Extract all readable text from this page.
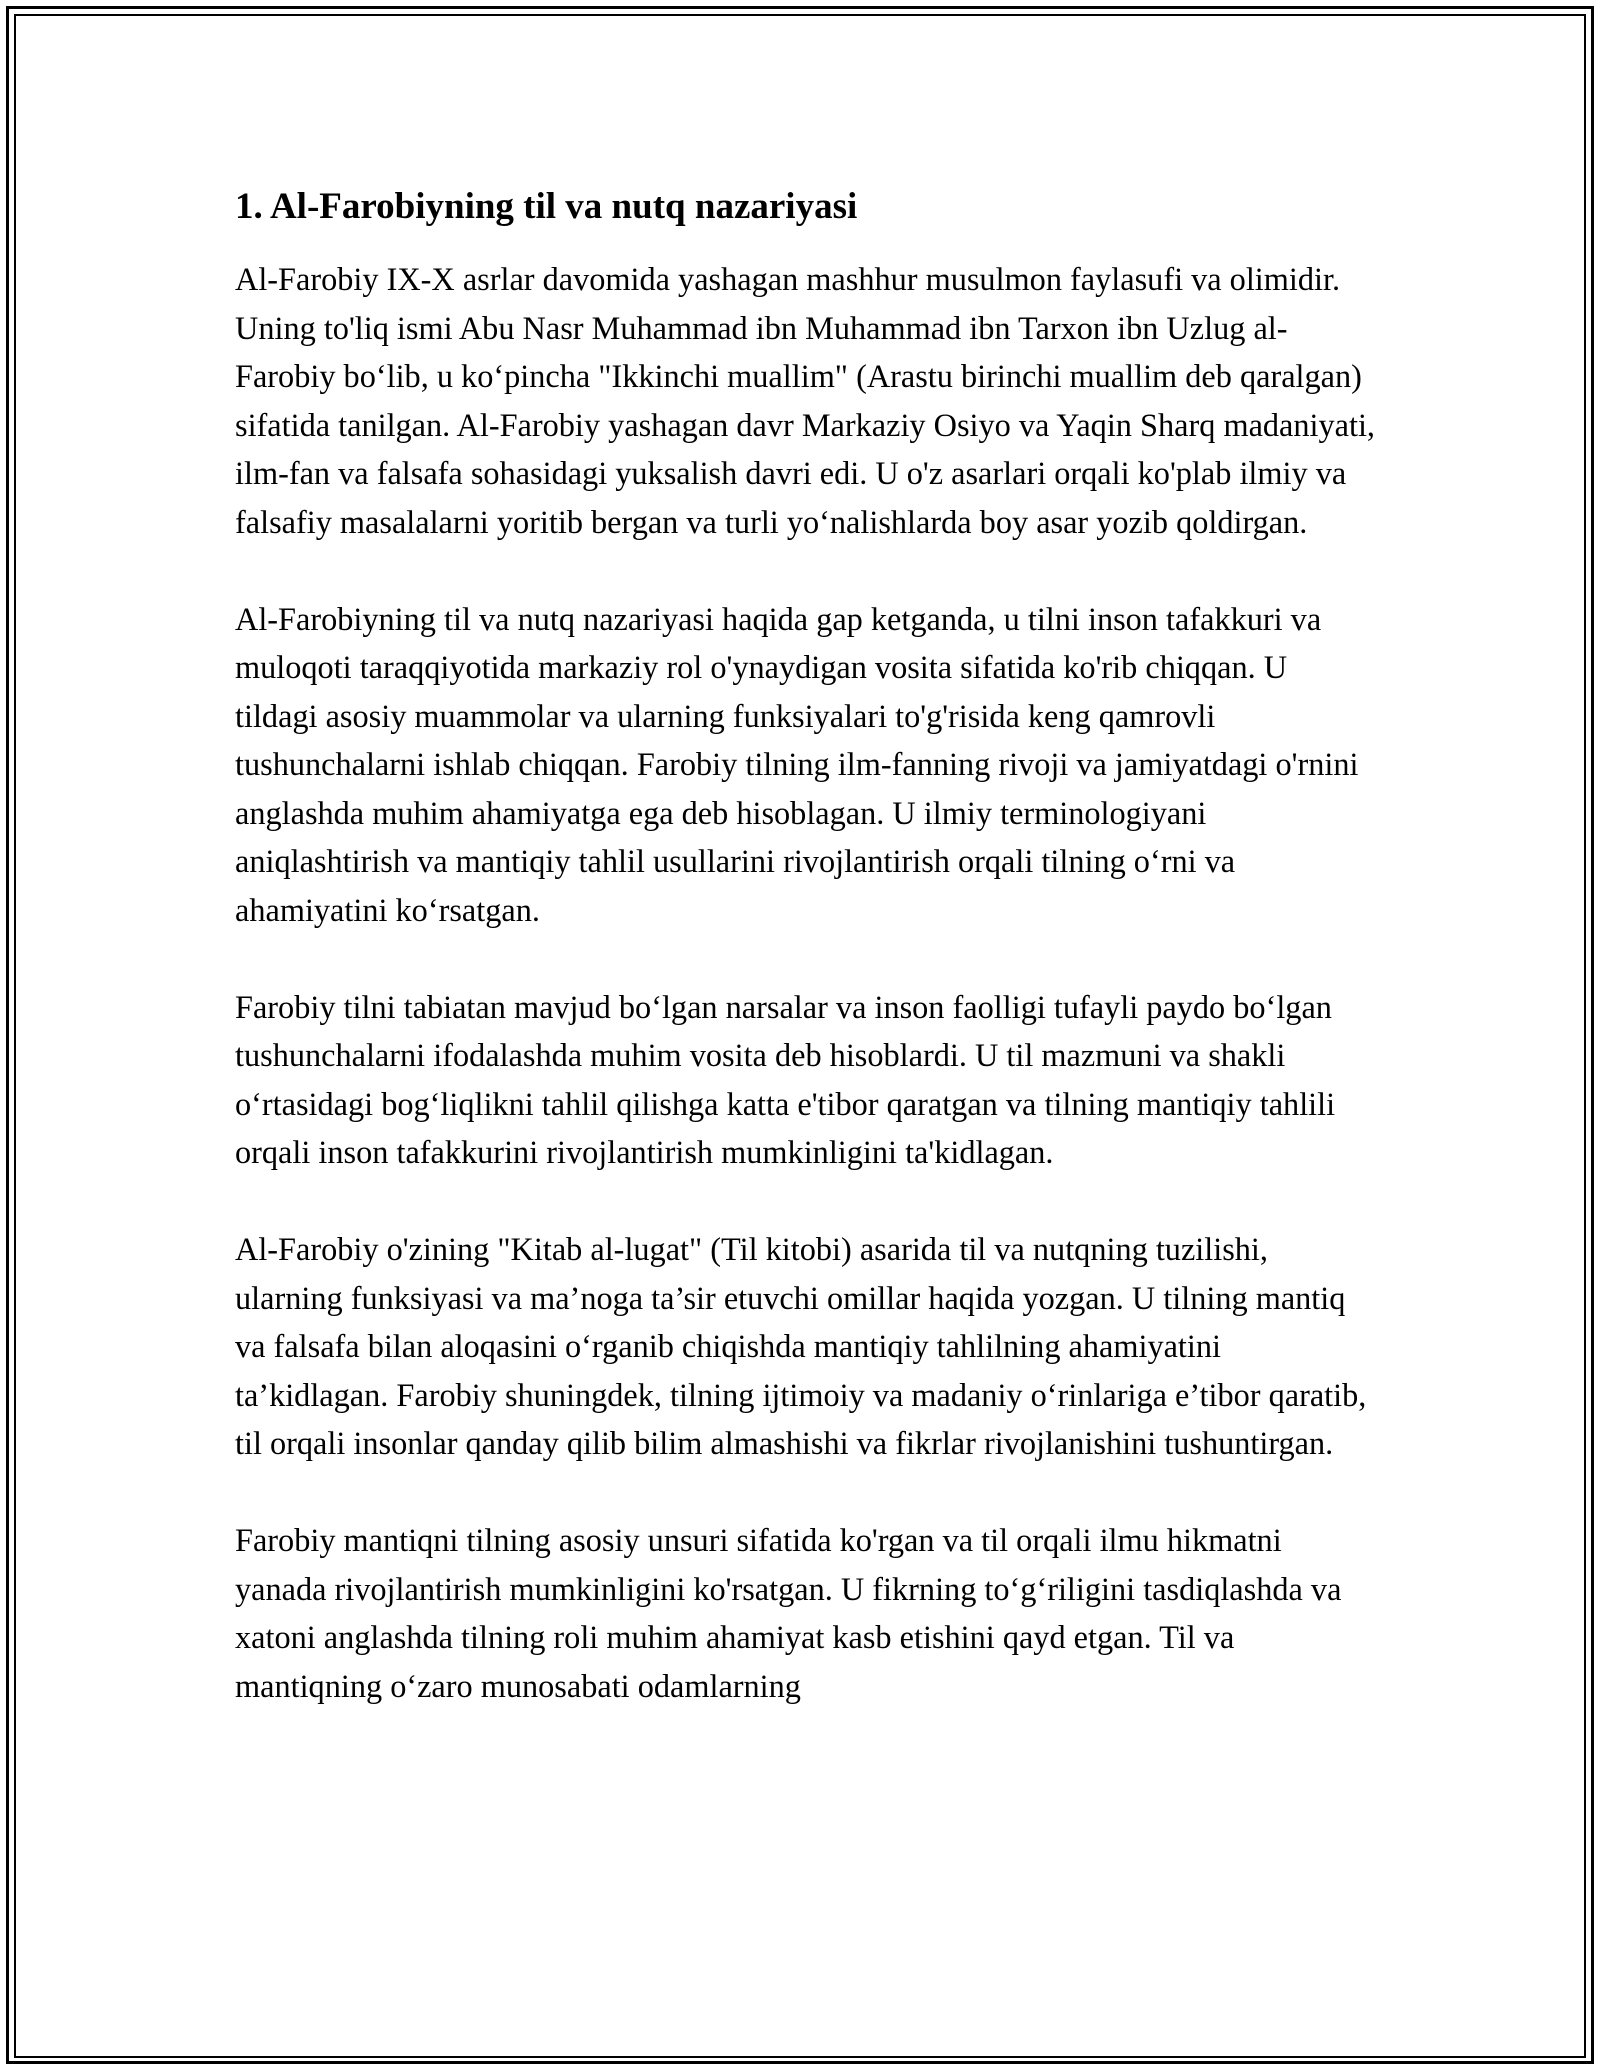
1. Al-Farobiyning til va nutq nazariyasi

Al-Farobiy IX-X asrlar davomida yashagan mashhur musulmon faylasufi va olimidir. Uning to'liq ismi Abu Nasr Muhammad ibn Muhammad ibn Tarxon ibn Uzlug al-Farobiy bo‘lib, u ko‘pincha "Ikkinchi muallim" (Arastu birinchi muallim deb qaralgan) sifatida tanilgan. Al-Farobiy yashagan davr Markaziy Osiyo va Yaqin Sharq madaniyati, ilm-fan va falsafa sohasidagi yuksalish davri edi. U o'z asarlari orqali ko'plab ilmiy va falsafiy masalalarni yoritib bergan va turli yo‘nalishlarda boy asar yozib qoldirgan.

Al-Farobiyning til va nutq nazariyasi haqida gap ketganda, u tilni inson tafakkuri va muloqoti taraqqiyotida markaziy rol o'ynaydigan vosita sifatida ko'rib chiqqan. U tildagi asosiy muammolar va ularning funksiyalari to'g'risida keng qamrovli tushunchalarni ishlab chiqqan. Farobiy tilning ilm-fanning rivoji va jamiyatdagi o'rnini anglashda muhim ahamiyatga ega deb hisoblagan. U ilmiy terminologiyani aniqlashtirish va mantiqiy tahlil usullarini rivojlantirish orqali tilning o‘rni va ahamiyatini ko‘rsatgan.

Farobiy tilni tabiatan mavjud bo‘lgan narsalar va inson faolligi tufayli paydo bo‘lgan tushunchalarni ifodalashda muhim vosita deb hisoblardi. U til mazmuni va shakli o‘rtasidagi bog‘liqlikni tahlil qilishga katta e'tibor qaratgan va tilning mantiqiy tahlili orqali inson tafakkurini rivojlantirish mumkinligini ta'kidlagan.

Al-Farobiy o'zining "Kitab al-lugat" (Til kitobi) asarida til va nutqning tuzilishi, ularning funksiyasi va ma’noga ta’sir etuvchi omillar haqida yozgan. U tilning mantiq va falsafa bilan aloqasini o‘rganib chiqishda mantiqiy tahlilning ahamiyatini ta’kidlagan. Farobiy shuningdek, tilning ijtimoiy va madaniy o‘rinlariga e’tibor qaratib, til orqali insonlar qanday qilib bilim almashishi va fikrlar rivojlanishini tushuntirgan.

Farobiy mantiqni tilning asosiy unsuri sifatida ko'rgan va til orqali ilmu hikmatni yanada rivojlantirish mumkinligini ko'rsatgan. U fikrning to‘g‘riligini tasdiqlashda va xatoni anglashda tilning roli muhim ahamiyat kasb etishini qayd etgan. Til va mantiqning o‘zaro munosabati odamlarning
